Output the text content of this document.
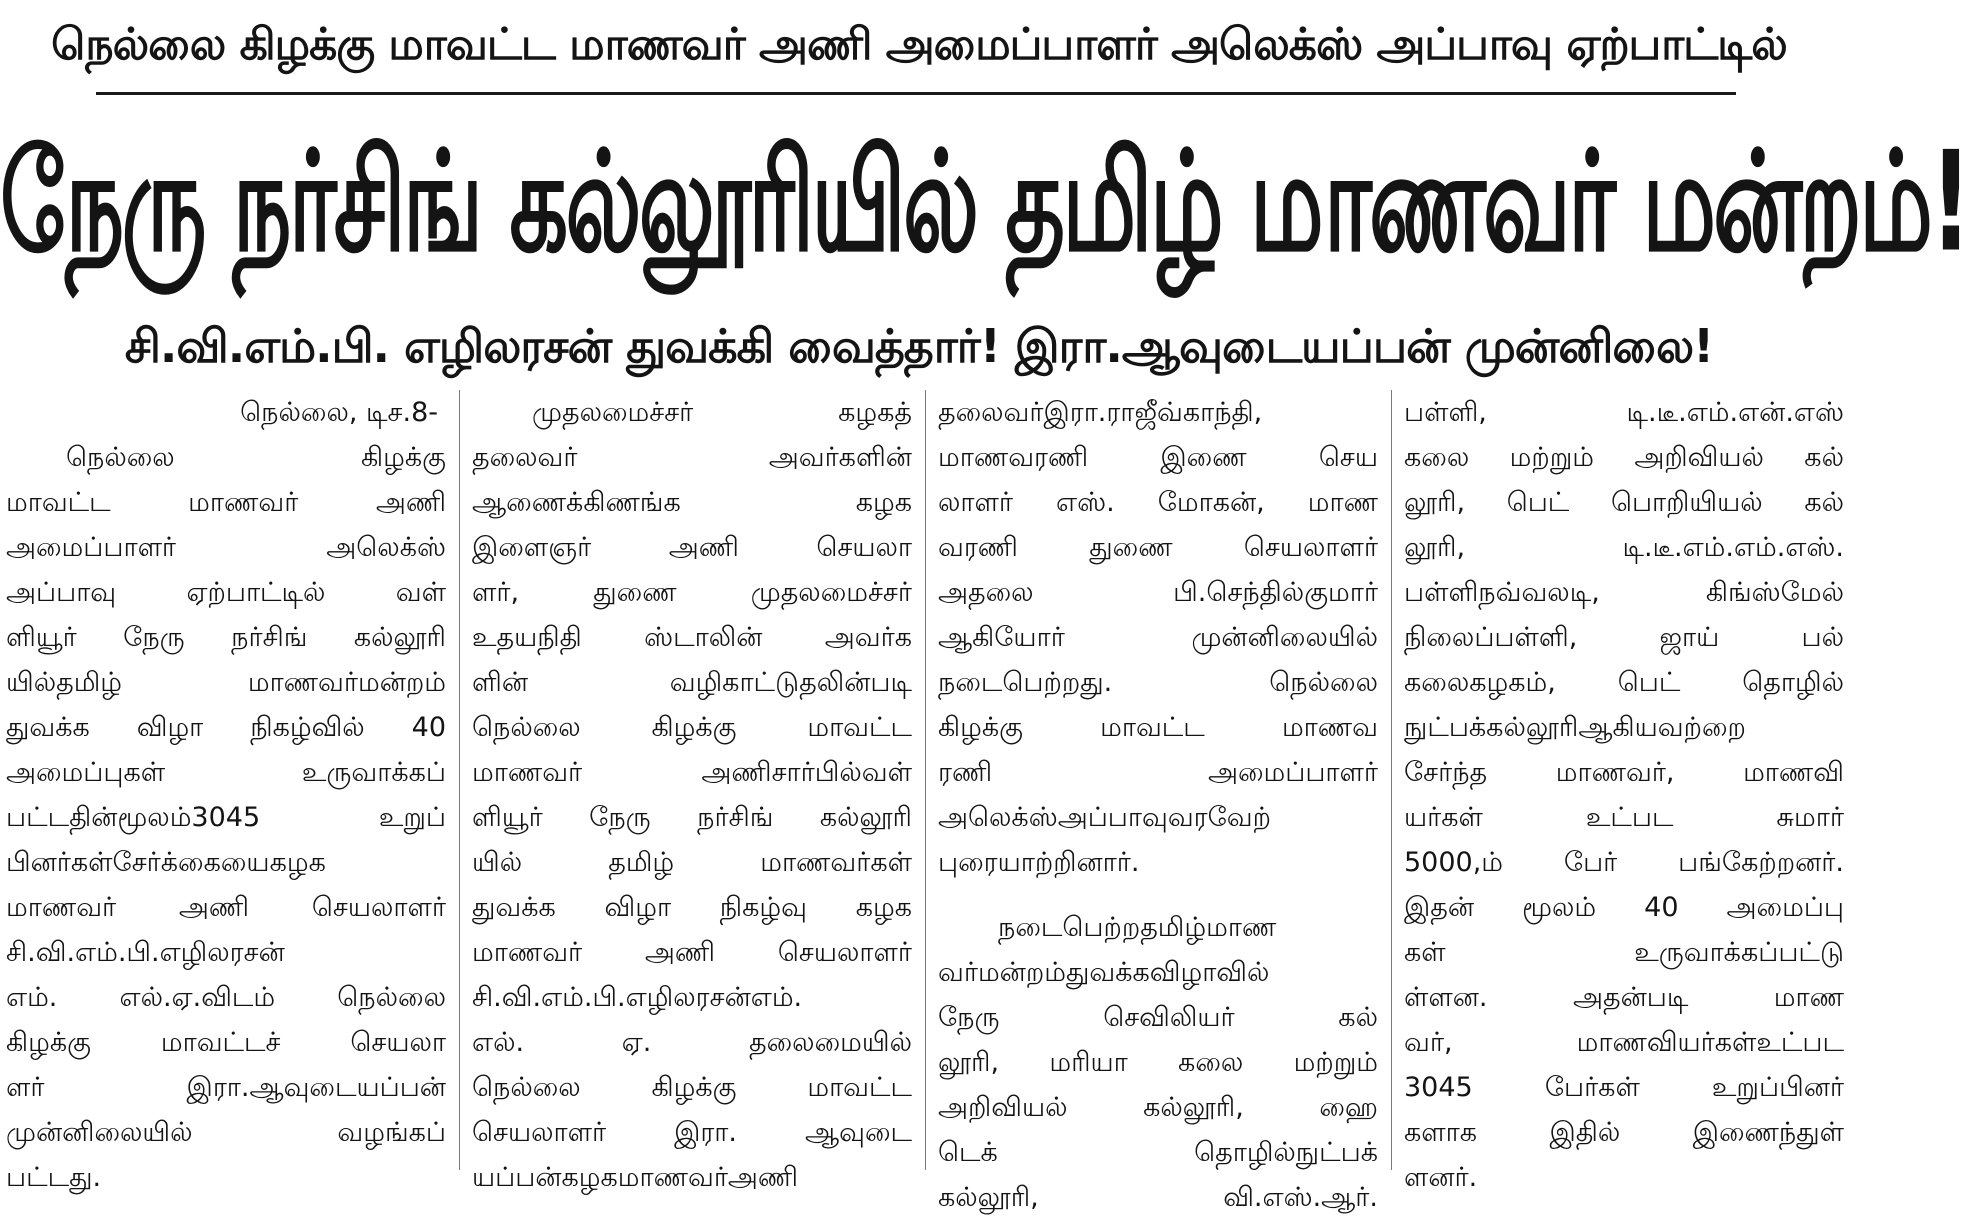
நெல்லை கிழக்கு மாவட்ட மாணவர் அணி அமைப்பாளர் அலெக்ஸ் அப்பாவு ஏற்பாட்டில்
நேரு நர்சிங் கல்லூரியில் தமிழ் மாணவர் மன்றம்!
சி.வி.எம்.பி. எழிலரசன் துவக்கி வைத்தார்! இரா.ஆவுடையப்பன் முன்னிலை!
நெல்லை, டிச.8-
நெல்லை கிழக்கு
மாவட்ட மாணவர் அணி
அமைப்பாளர் அலெக்ஸ்
அப்பாவு ஏற்பாட்டில் வள்
ளியூர் நேரு நர்சிங் கல்லூரி
யில்தமிழ் மாணவர்மன்றம்
துவக்க விழா நிகழ்வில் 40
அமைப்புகள் உருவாக்கப்
பட்டதின்மூலம்3045 உறுப்
பினர்கள்சேர்க்கையைகழக
மாணவர் அணி செயலாளர்
சி.வி.எம்.பி.எழிலரசன்
எம். எல்.ஏ.விடம் நெல்லை
கிழக்கு மாவட்டச் செயலா
ளர் இரா.ஆவுடையப்பன்
முன்னிலையில் வழங்கப்
பட்டது.
முதலமைச்சர் கழகத்
தலைவர் அவர்களின்
ஆணைக்கிணங்க கழக
இளைஞர் அணி செயலா
ளர், துணை முதலமைச்சர்
உதயநிதி ஸ்டாலின் அவர்க
ளின் வழிகாட்டுதலின்படி
நெல்லை கிழக்கு மாவட்ட
மாணவர் அணிசார்பில்வள்
ளியூர் நேரு நர்சிங் கல்லூரி
யில் தமிழ் மாணவர்கள்
துவக்க விழா நிகழ்வு கழக
மாணவர் அணி செயலாளர்
சி.வி.எம்.பி.எழிலரசன்எம்.
எல். ஏ. தலைமையில்
நெல்லை கிழக்கு மாவட்ட
செயலாளர் இரா. ஆவுடை
யப்பன்கழகமாணவர்அணி
தலைவர்இரா.ராஜீவ்காந்தி,
மாணவரணி இணை செய
லாளர் எஸ். மோகன், மாண
வரணி துணை செயலாளர்
அதலை பி.செந்தில்குமார்
ஆகியோர் முன்னிலையில்
நடைபெற்றது. நெல்லை
கிழக்கு மாவட்ட மாணவ
ரணி அமைப்பாளர்
அலெக்ஸ்அப்பாவுவரவேற்
புரையாற்றினார்.
நடைபெற்றதமிழ்மாண
வர்மன்றம்துவக்கவிழாவில்
நேரு செவிலியர் கல்
லூரி, மரியா கலை மற்றும்
அறிவியல் கல்லூரி, ஹை
டெக் தொழில்நுட்பக்
கல்லூரி, வி.எஸ்.ஆர்.
பள்ளி, டி.டீ.எம்.என்.எஸ்
கலை மற்றும் அறிவியல் கல்
லூரி, பெட் பொறியியல் கல்
லூரி, டி.டீ.எம்.எம்.எஸ்.
பள்ளிநவ்வலடி, கிங்ஸ்மேல்
நிலைப்பள்ளி, ஜாய் பல்
கலைகழகம், பெட் தொழில்
நுட்பக்கல்லூரிஆகியவற்றை
சேர்ந்த மாணவர், மாணவி
யர்கள் உட்பட சுமார்
5000,ம் பேர் பங்கேற்றனர்.
இதன் மூலம் 40 அமைப்பு
கள் உருவாக்கப்பட்டு
ள்ளன. அதன்படி மாண
வர், மாணவியர்கள்உட்பட
3045 பேர்கள் உறுப்பினர்
களாக இதில் இணைந்துள்
ளனர்.
